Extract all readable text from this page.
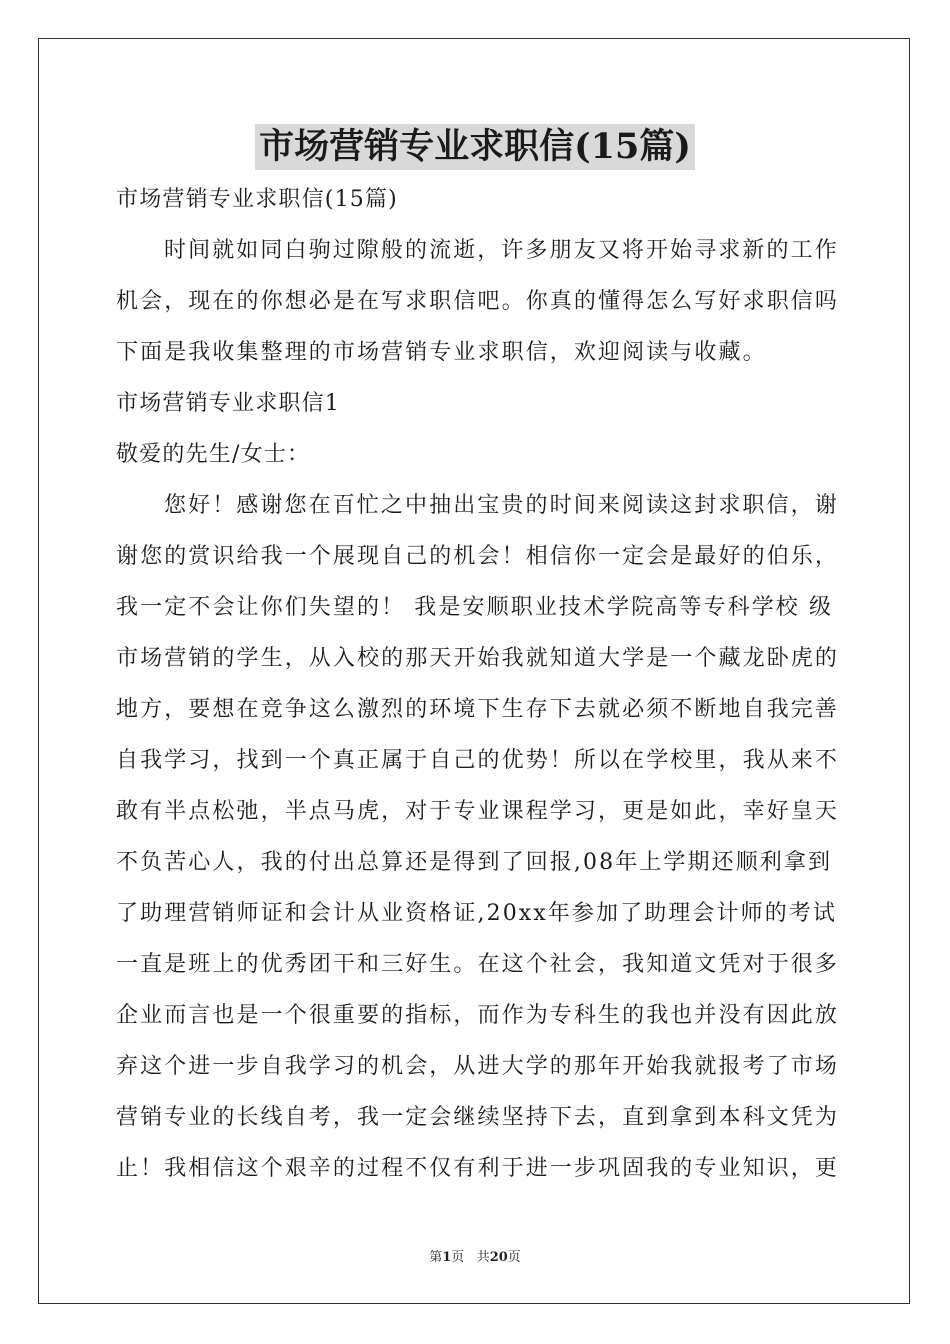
市场营销专业求职信(15篇)
市场营销专业求职信(15篇)
时间就如同白驹过隙般的流逝，许多朋友又将开始寻求新的工作
机会，现在的你想必是在写求职信吧。你真的懂得怎么写好求职信吗
下面是我收集整理的市场营销专业求职信，欢迎阅读与收藏。
市场营销专业求职信1
敬爱的先生/女士：
您好！感谢您在百忙之中抽出宝贵的时间来阅读这封求职信，谢
谢您的赏识给我一个展现自己的机会！相信你一定会是最好的伯乐，
我一定不会让你们失望的！ 我是安顺职业技术学院高等专科学校 级
市场营销的学生，从入校的那天开始我就知道大学是一个藏龙卧虎的
地方，要想在竞争这么激烈的环境下生存下去就必须不断地自我完善
自我学习，找到一个真正属于自己的优势！所以在学校里，我从来不
敢有半点松弛，半点马虎，对于专业课程学习，更是如此，幸好皇天
不负苦心人，我的付出总算还是得到了回报,08年上学期还顺利拿到
了助理营销师证和会计从业资格证,20xx年参加了助理会计师的考试
一直是班上的优秀团干和三好生。在这个社会，我知道文凭对于很多
企业而言也是一个很重要的指标，而作为专科生的我也并没有因此放
弃这个进一步自我学习的机会，从进大学的那年开始我就报考了市场
营销专业的长线自考，我一定会继续坚持下去，直到拿到本科文凭为
止！我相信这个艰辛的过程不仅有利于进一步巩固我的专业知识，更
第1页 共20页
